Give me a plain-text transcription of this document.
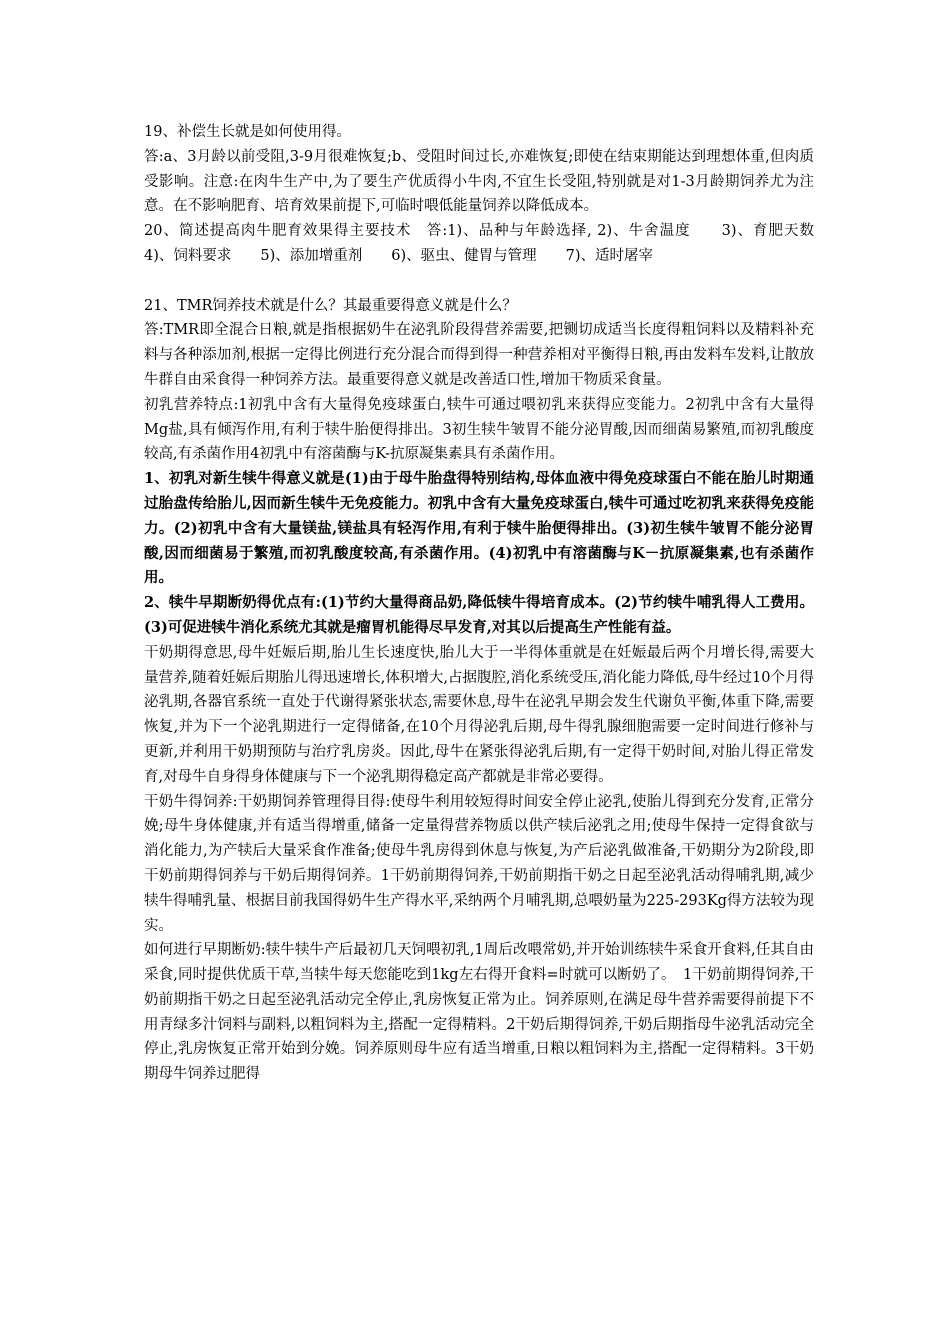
19、补偿生长就是如何使用得。

答:a、3月龄以前受阻,3-9月很难恢复;b、受阻时间过长,亦难恢复;即使在结束期能达到理想体重,但肉质受影响。注意:在肉牛生产中,为了要生产优质得小牛肉,不宜生长受阻,特别就是对1-3月龄期饲养尤为注意。在不影响肥育、培育效果前提下,可临时喂低能量饲养以降低成本。

20、简述提高肉牛肥育效果得主要技术　答:1)、品种与年龄选择, 2)、牛舍温度　　3)、育肥天数　　4)、饲料要求　　5)、添加增重剂　　6)、驱虫、健胃与管理　　7)、适时屠宰

21、TMR饲养技术就是什么？其最重要得意义就是什么？

答:TMR即全混合日粮,就是指根据奶牛在泌乳阶段得营养需要,把铡切成适当长度得粗饲料以及精料补充料与各种添加剂,根据一定得比例进行充分混合而得到得一种营养相对平衡得日粮,再由发料车发料,让散放牛群自由采食得一种饲养方法。最重要得意义就是改善适口性,增加干物质采食量。

初乳营养特点:1初乳中含有大量得免疫球蛋白,犊牛可通过喂初乳来获得应变能力。2初乳中含有大量得Mg盐,具有倾泻作用,有利于犊牛胎便得排出。3初生犊牛皱胃不能分泌胃酸,因而细菌易繁殖,而初乳酸度较高,有杀菌作用4初乳中有溶菌酶与K-抗原凝集素具有杀菌作用。

1、初乳对新生犊牛得意义就是(1)由于母牛胎盘得特别结构,母体血液中得免疫球蛋白不能在胎儿时期通过胎盘传给胎儿,因而新生犊牛无免疫能力。初乳中含有大量免疫球蛋白,犊牛可通过吃初乳来获得免疫能力。(2)初乳中含有大量镁盐,镁盐具有轻泻作用,有利于犊牛胎便得排出。(3)初生犊牛皱胃不能分泌胃酸,因而细菌易于繁殖,而初乳酸度较高,有杀菌作用。(4)初乳中有溶菌酶与K－抗原凝集素,也有杀菌作用。

2、犊牛早期断奶得优点有:(1)节约大量得商品奶,降低犊牛得培育成本。(2)节约犊牛哺乳得人工费用。(3)可促进犊牛消化系统尤其就是瘤胃机能得尽早发育,对其以后提高生产性能有益。

干奶期得意思,母牛妊娠后期,胎儿生长速度快,胎儿大于一半得体重就是在妊娠最后两个月增长得,需要大量营养,随着妊娠后期胎儿得迅速增长,体积增大,占据腹腔,消化系统受压,消化能力降低,母牛经过10个月得泌乳期,各器官系统一直处于代谢得紧张状态,需要休息,母牛在泌乳早期会发生代谢负平衡,体重下降,需要恢复,并为下一个泌乳期进行一定得储备,在10个月得泌乳后期,母牛得乳腺细胞需要一定时间进行修补与更新,并利用干奶期预防与治疗乳房炎。因此,母牛在紧张得泌乳后期,有一定得干奶时间,对胎儿得正常发育,对母牛自身得身体健康与下一个泌乳期得稳定高产都就是非常必要得。

干奶牛得饲养:干奶期饲养管理得目得:使母牛利用较短得时间安全停止泌乳,使胎儿得到充分发育,正常分娩;母牛身体健康,并有适当得增重,储备一定量得营养物质以供产犊后泌乳之用;使母牛保持一定得食欲与消化能力,为产犊后大量采食作准备;使母牛乳房得到休息与恢复,为产后泌乳做准备,干奶期分为2阶段,即干奶前期得饲养与干奶后期得饲养。1干奶前期得饲养,干奶前期指干奶之日起至泌乳活动得哺乳期,减少犊牛得哺乳量、根据目前我国得奶牛生产得水平,采纳两个月哺乳期,总喂奶量为225-293Kg得方法较为现实。

如何进行早期断奶:犊牛犊牛产后最初几天饲喂初乳,1周后改喂常奶,并开始训练犊牛采食开食料,任其自由采食,同时提供优质干草,当犊牛每天您能吃到1kg左右得开食料=时就可以断奶了。　1干奶前期得饲养,干奶前期指干奶之日起至泌乳活动完全停止,乳房恢复正常为止。饲养原则,在满足母牛营养需要得前提下不用青绿多汁饲料与副料,以粗饲料为主,搭配一定得精料。2干奶后期得饲养,干奶后期指母牛泌乳活动完全停止,乳房恢复正常开始到分娩。饲养原则母牛应有适当增重,日粮以粗饲料为主,搭配一定得精料。3干奶期母牛饲养过肥得
